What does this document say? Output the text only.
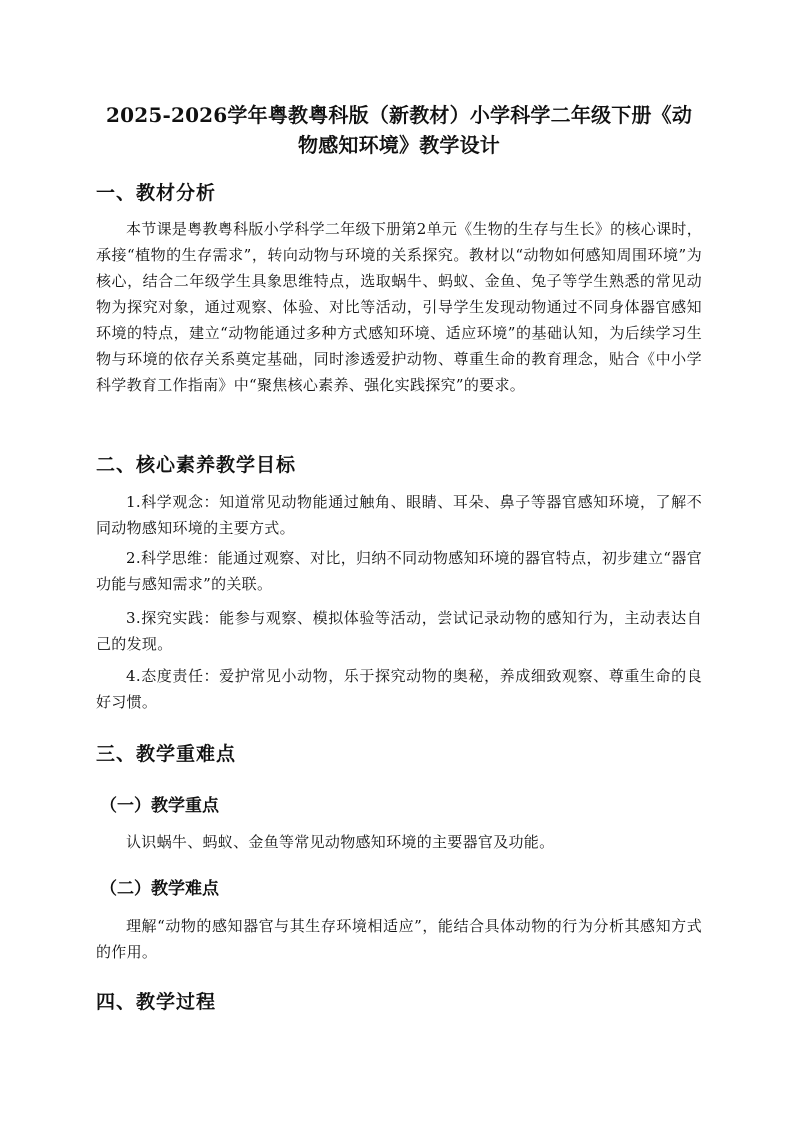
2025-2026学年粤教粤科版（新教材）小学科学二年级下册《动物感知环境》教学设计
一、教材分析
本节课是粤教粤科版小学科学二年级下册第2单元《生物的生存与生长》的核心课时，承接“植物的生存需求”，转向动物与环境的关系探究。教材以“动物如何感知周围环境”为核心，结合二年级学生具象思维特点，选取蜗牛、蚂蚁、金鱼、兔子等学生熟悉的常见动物为探究对象，通过观察、体验、对比等活动，引导学生发现动物通过不同身体器官感知环境的特点，建立“动物能通过多种方式感知环境、适应环境”的基础认知，为后续学习生物与环境的依存关系奠定基础，同时渗透爱护动物、尊重生命的教育理念，贴合《中小学科学教育工作指南》中“聚焦核心素养、强化实践探究”的要求。
二、核心素养教学目标
1.科学观念：知道常见动物能通过触角、眼睛、耳朵、鼻子等器官感知环境，了解不同动物感知环境的主要方式。
2.科学思维：能通过观察、对比，归纳不同动物感知环境的器官特点，初步建立“器官功能与感知需求”的关联。
3.探究实践：能参与观察、模拟体验等活动，尝试记录动物的感知行为，主动表达自己的发现。
4.态度责任：爱护常见小动物，乐于探究动物的奥秘，养成细致观察、尊重生命的良好习惯。
三、教学重难点
（一）教学重点
认识蜗牛、蚂蚁、金鱼等常见动物感知环境的主要器官及功能。
（二）教学难点
理解“动物的感知器官与其生存环境相适应”，能结合具体动物的行为分析其感知方式的作用。
四、教学过程
